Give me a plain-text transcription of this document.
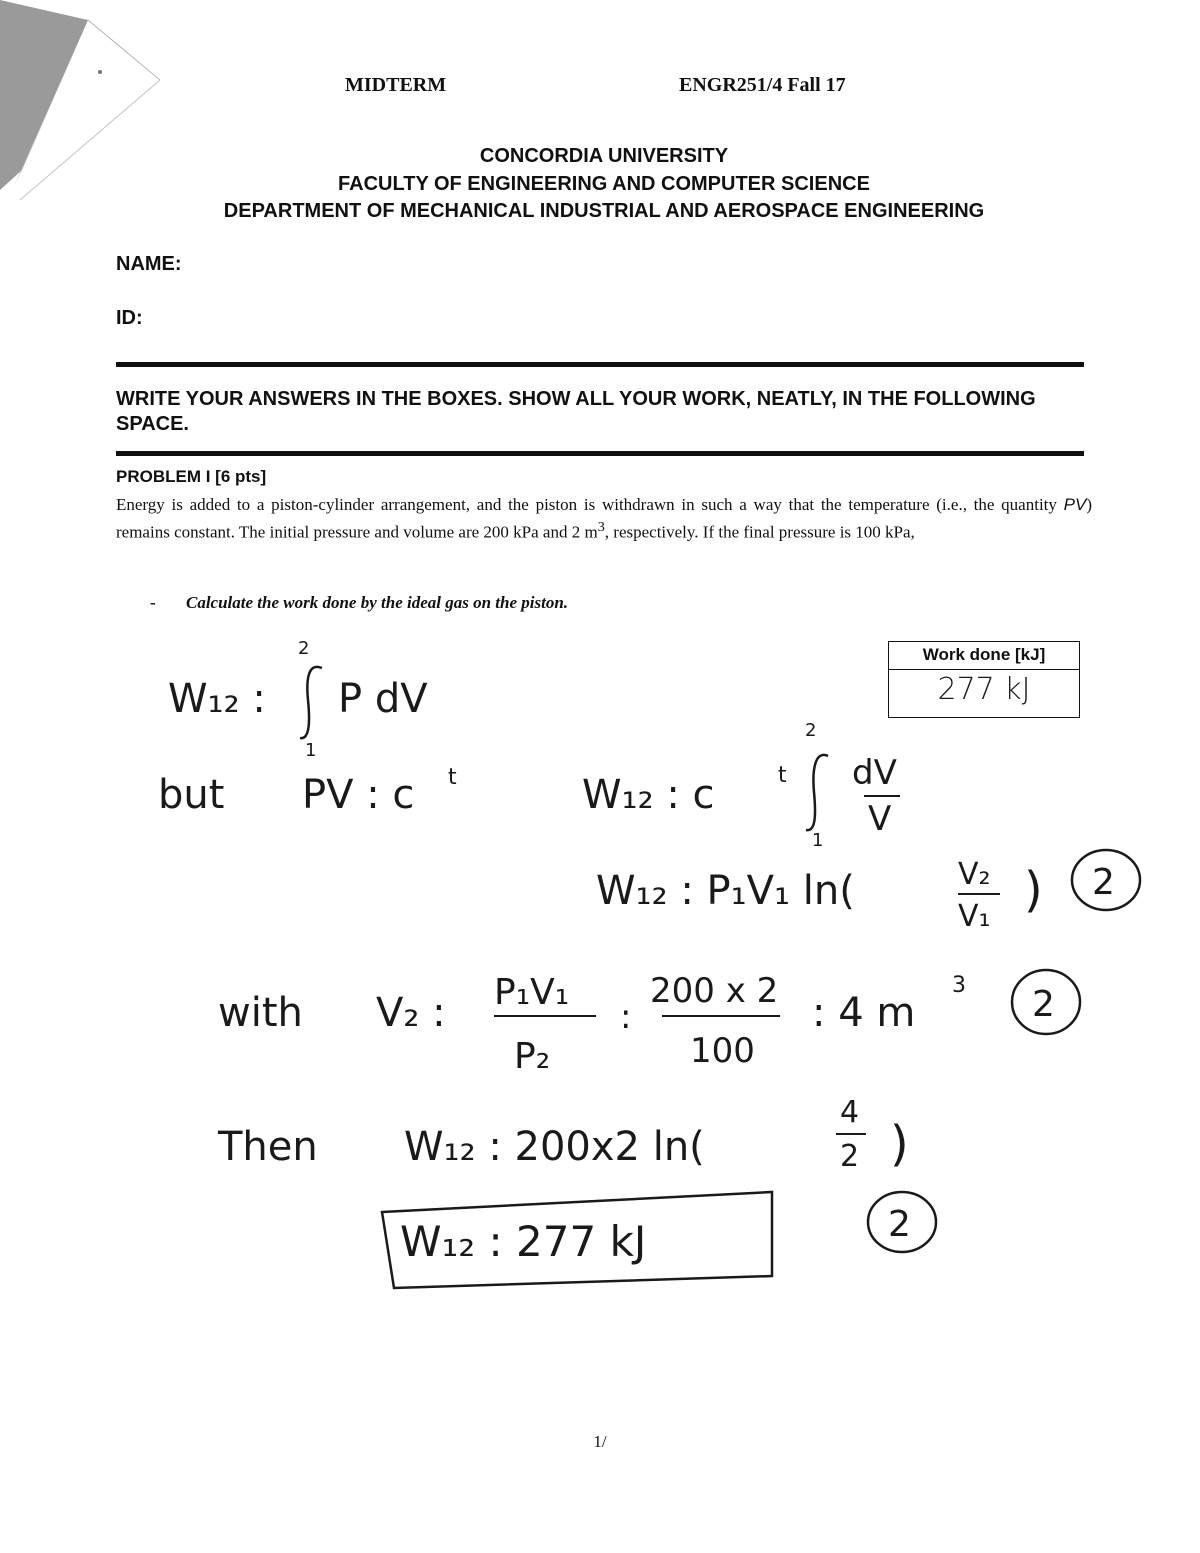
MIDTERM	ENGR251/4 Fall 17
CONCORDIA UNIVERSITY
FACULTY OF ENGINEERING AND COMPUTER SCIENCE
DEPARTMENT OF MECHANICAL INDUSTRIAL AND AEROSPACE ENGINEERING
NAME:
ID:
WRITE YOUR ANSWERS IN THE BOXES. SHOW ALL YOUR WORK, NEATLY, IN THE FOLLOWING SPACE.
PROBLEM I [6 pts]
Energy is added to a piston-cylinder arrangement, and the piston is withdrawn in such a way that the temperature (i.e., the quantity PV) remains constant. The initial pressure and volume are 200 kPa and 2 $m^3$, respectively. If the final pressure is 100 kPa,
- Calculate the work done by the ideal gas on the piston.
Work done [kJ]
277 kJ
W₁₂ :
2
1
P dV
but PV : c t	W₁₂ : c	t
2
1
dV
V
W₁₂ : P₁V₁ ln(	V₂
V₁ ) 2
with V₂ : P₁V₁
P₂
:
200 x 2
100
: 4 m
3 2
Then W₁₂ : 200x2 ln(
4
2 )
W₁₂ : 277 kJ	2
1/
